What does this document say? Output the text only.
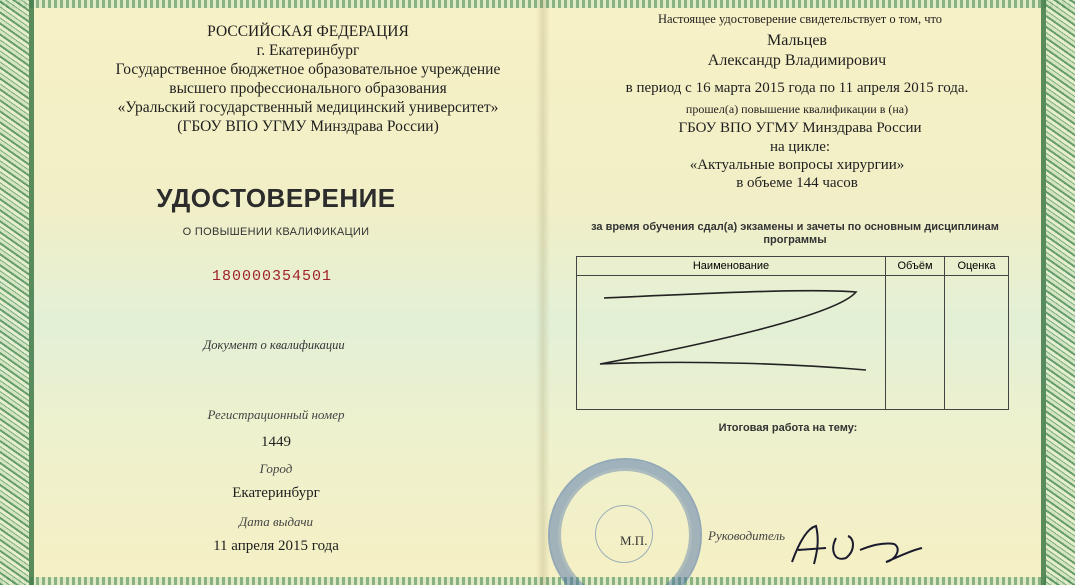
РОССИЙСКАЯ ФЕДЕРАЦИЯ
г. Екатеринбург
Государственное бюджетное образовательное учреждение
высшего профессионального образования
«Уральский государственный медицинский университет»
(ГБОУ ВПО УГМУ Минздрава России)
УДОСТОВЕРЕНИЕ
О ПОВЫШЕНИИ КВАЛИФИКАЦИИ
180000354501
Документ о квалификации
Регистрационный номер
1449
Город
Екатеринбург
Дата выдачи
11 апреля 2015 года
Настоящее удостоверение свидетельствует о том, что
Мальцев
Александр Владимирович
в период с 16 марта 2015 года по 11 апреля 2015 года.
прошел(а) повышение квалификации в (на)
ГБОУ ВПО УГМУ Минздрава России
на цикле:
«Актуальные вопросы хирургии»
в объеме 144 часов
за время обучения сдал(а) экзамены и зачеты по основным дисциплинам
программы
Наименование	Объём	Оценка

Итоговая работа на тему:
М.П.	Руководитель
